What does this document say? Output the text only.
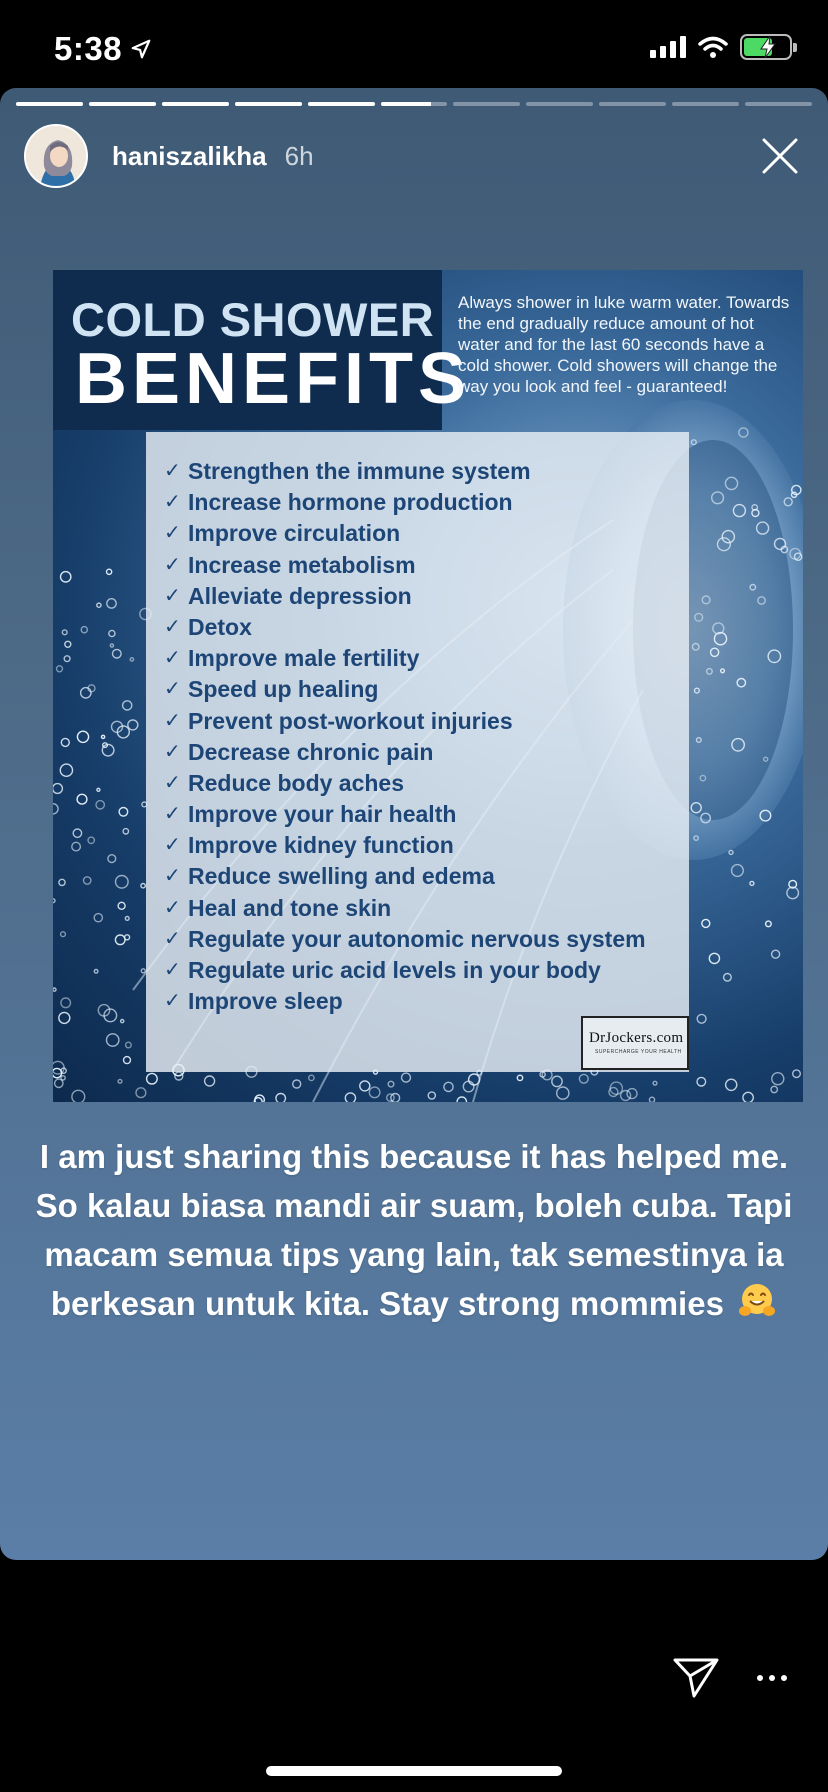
5:38
haniszalikha 6h
COLD SHOWER
BENEFITS
Always shower in luke warm water. Towards the end gradually reduce amount of hot water and for the last 60 seconds have a cold shower. Cold showers will change the way you look and feel - guaranteed!
✓ Strengthen the immune system
✓ Increase hormone production
✓ Improve circulation
✓ Increase metabolism
✓ Alleviate depression
✓ Detox
✓ Improve male fertility
✓ Speed up healing
✓ Prevent post-workout injuries
✓ Decrease chronic pain
✓ Reduce body aches
✓ Improve your hair health
✓ Improve kidney function
✓ Reduce swelling and edema
✓ Heal and tone skin
✓ Regulate your autonomic nervous system
✓ Regulate uric acid levels in your body
✓ Improve sleep
DrJockers.com
SUPERCHARGE YOUR HEALTH
I am just sharing this because it has helped me. So kalau biasa mandi air suam, boleh cuba. Tapi macam semua tips yang lain, tak semestinya ia berkesan untuk kita. Stay strong mommies
